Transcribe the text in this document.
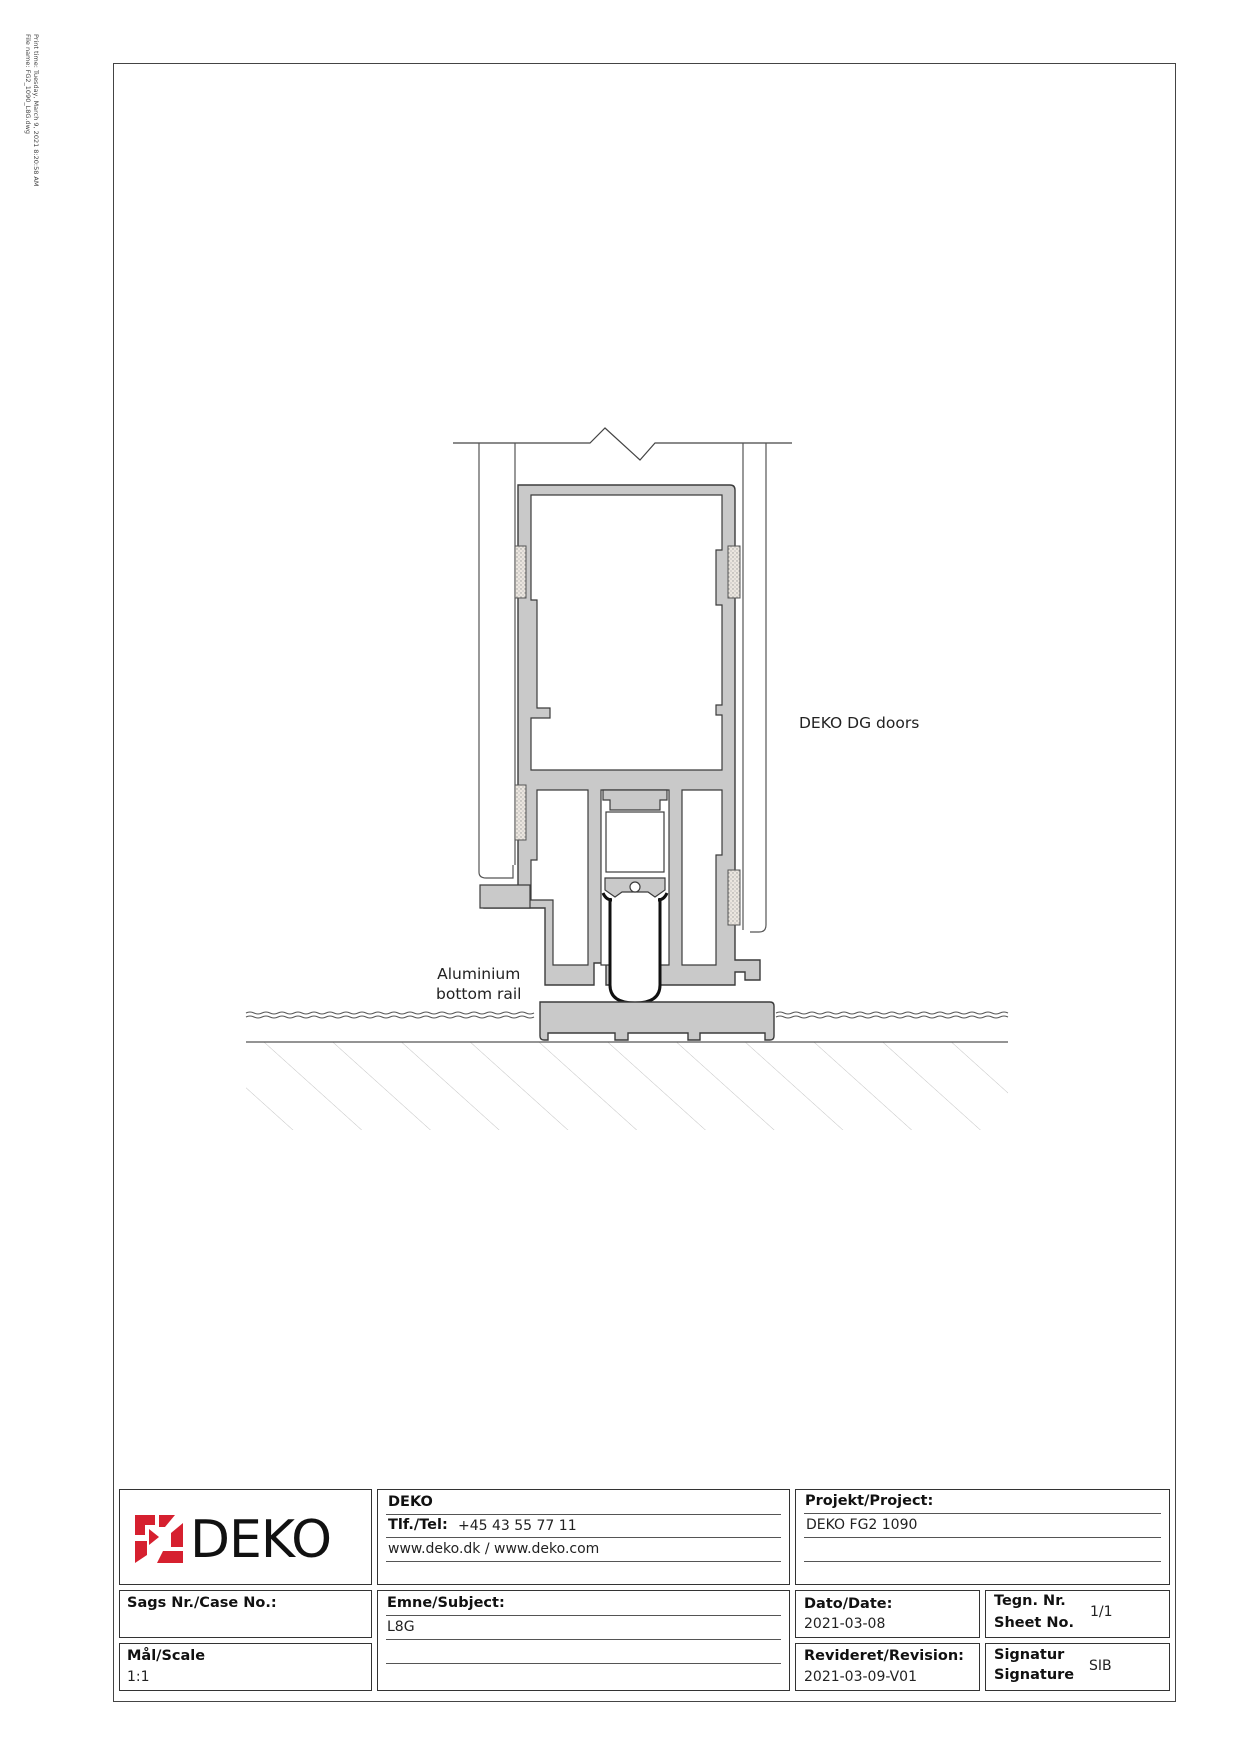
Print time: Tuesday, March 9, 2021 8:20:58 AM
File name: FG2_1090_L8G.dwg
DEKO DG doors
Aluminium
bottom rail
DEKO
DEKO
Tlf./Tel: +45 43 55 77 11
www.deko.dk / www.deko.com
Projekt/Project:
DEKO FG2 1090
Sags Nr./Case No.:
Mål/Scale
1:1
Emne/Subject:
L8G
Dato/Date:
2021-03-08
Tegn. Nr.
Sheet No.
1/1
Revideret/Revision:
2021-03-09-V01
Signatur
Signature
SIB
